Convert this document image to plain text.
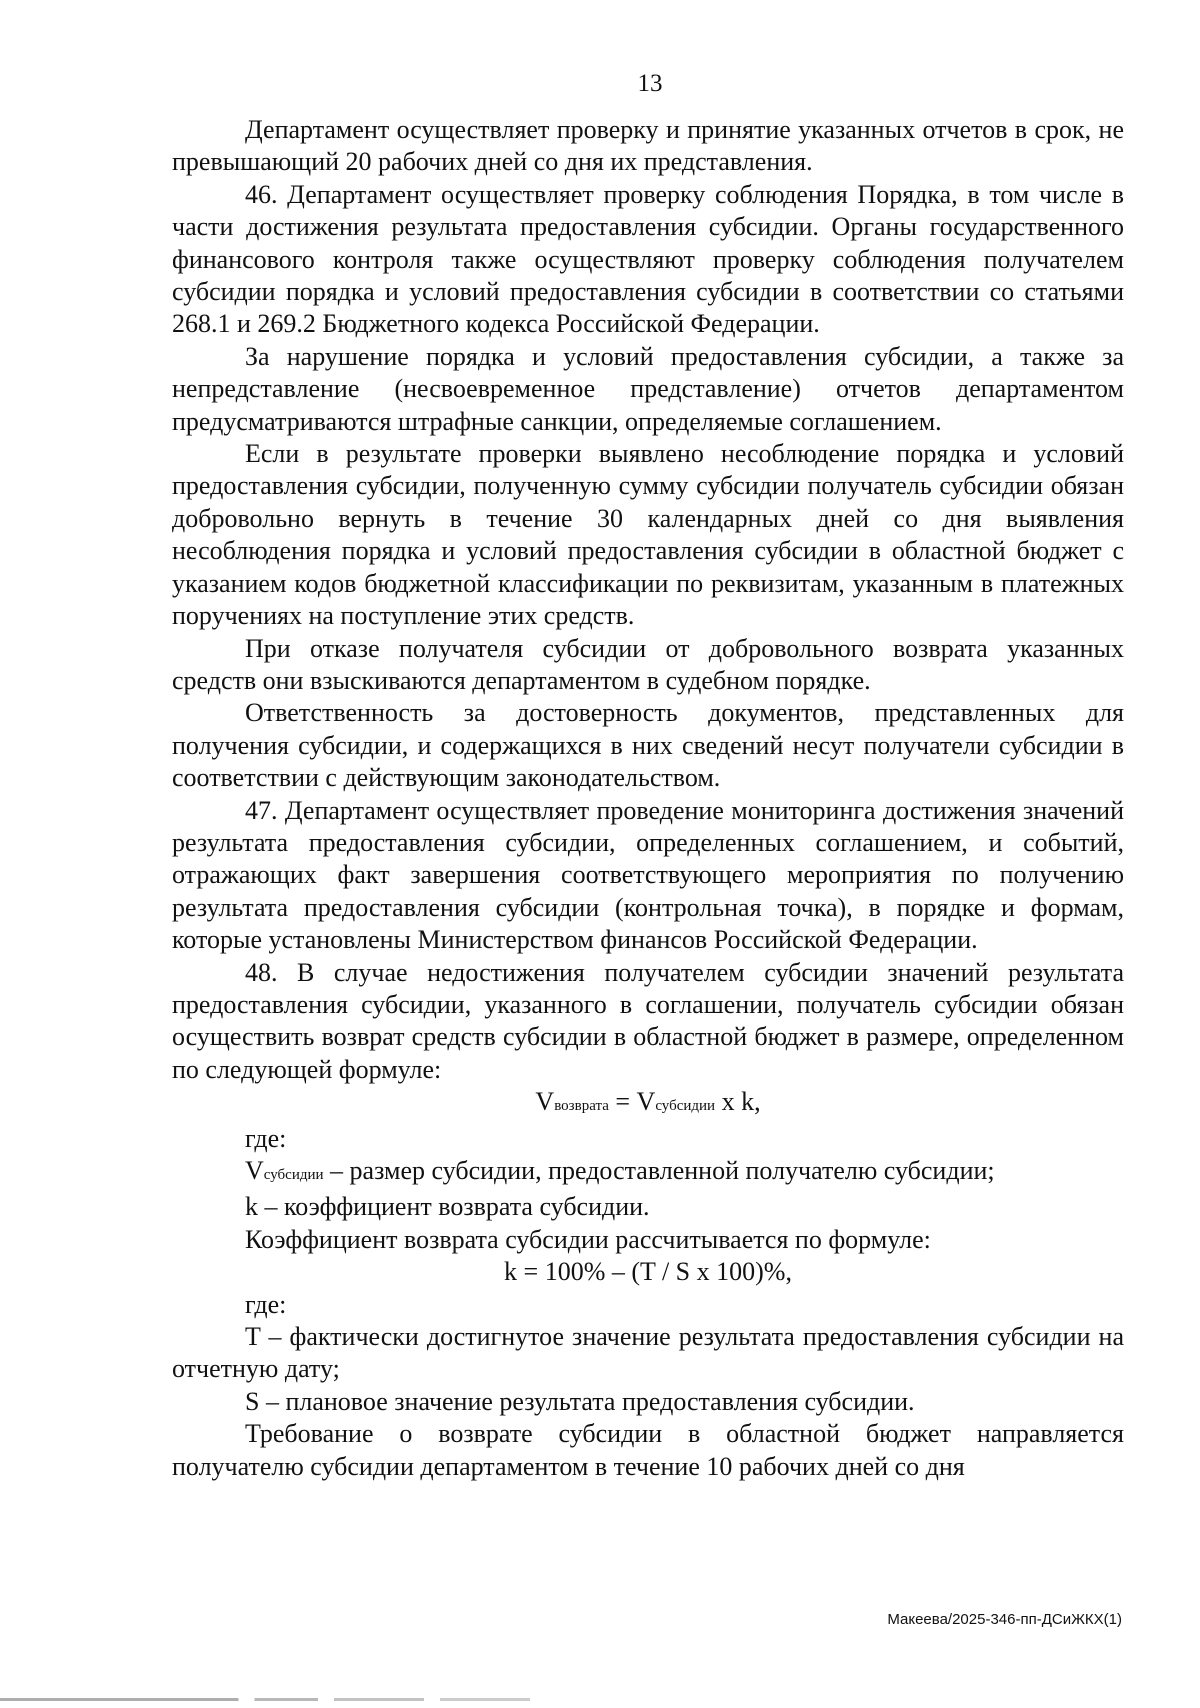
13

Департамент осуществляет проверку и принятие указанных отчетов в срок, не превышающий 20 рабочих дней со дня их представления.

46. Департамент осуществляет проверку соблюдения Порядка, в том числе в части достижения результата предоставления субсидии. Органы государственного финансового контроля также осуществляют проверку соблюдения получателем субсидии порядка и условий предоставления субсидии в соответствии со статьями 268.1 и 269.2 Бюджетного кодекса Российской Федерации.

За нарушение порядка и условий предоставления субсидии, а также за непредставление (несвоевременное представление) отчетов департаментом предусматриваются штрафные санкции, определяемые соглашением.

Если в результате проверки выявлено несоблюдение порядка и условий предоставления субсидии, полученную сумму субсидии получатель субсидии обязан добровольно вернуть в течение 30 календарных дней со дня выявления несоблюдения порядка и условий предоставления субсидии в областной бюджет с указанием кодов бюджетной классификации по реквизитам, указанным в платежных поручениях на поступление этих средств.

При отказе получателя субсидии от добровольного возврата указанных средств они взыскиваются департаментом в судебном порядке.

Ответственность за достоверность документов, представленных для получения субсидии, и содержащихся в них сведений несут получатели субсидии в соответствии с действующим законодательством.

47. Департамент осуществляет проведение мониторинга достижения значений результата предоставления субсидии, определенных соглашением, и событий, отражающих факт завершения соответствующего мероприятия по получению результата предоставления субсидии (контрольная точка), в порядке и формам, которые установлены Министерством финансов Российской Федерации.

48. В случае недостижения получателем субсидии значений результата предоставления субсидии, указанного в соглашении, получатель субсидии обязан осуществить возврат средств субсидии в областной бюджет в размере, определенном по следующей формуле:

Vвозврата = Vсубсидии x k,

где:

Vсубсидии – размер субсидии, предоставленной получателю субсидии;

k – коэффициент возврата субсидии.

Коэффициент возврата субсидии рассчитывается по формуле:

k = 100% – (T / S x 100)%,

где:

T – фактически достигнутое значение результата предоставления субсидии на отчетную дату;

S – плановое значение результата предоставления субсидии.

Требование о возврате субсидии в областной бюджет направляется получателю субсидии департаментом в течение 10 рабочих дней со дня

Макеева/2025-346-пп-ДСиЖКХ(1)
